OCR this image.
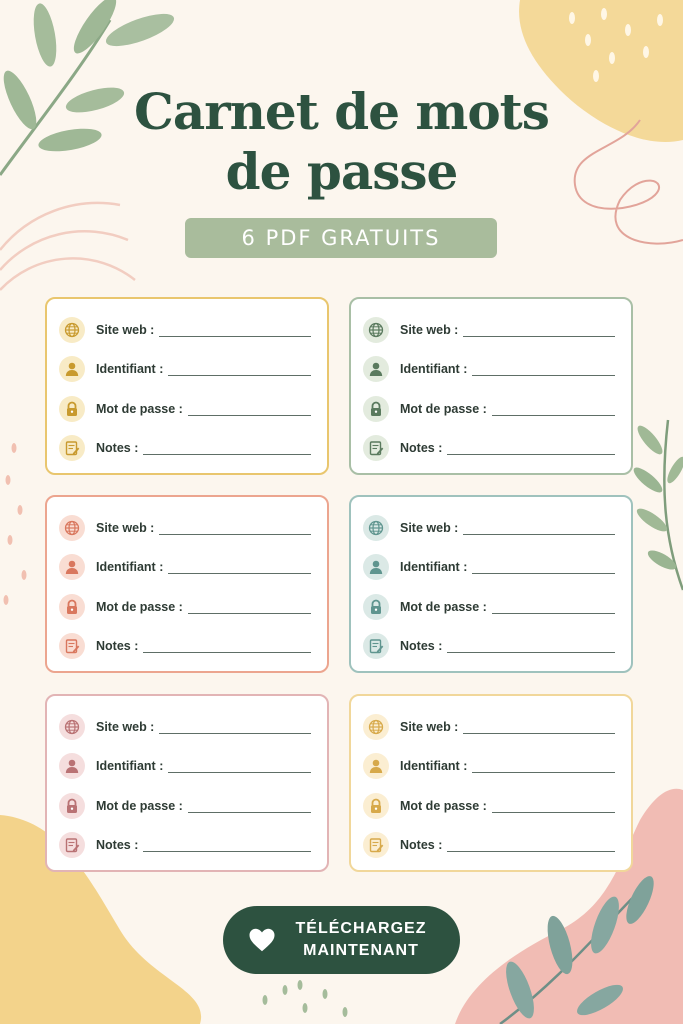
Carnet de mots
de passe
6 PDF GRATUITS
Site web :
Identifiant :
Mot de passe :
Notes :
Site web :
Identifiant :
Mot de passe :
Notes :
Site web :
Identifiant :
Mot de passe :
Notes :
Site web :
Identifiant :
Mot de passe :
Notes :
Site web :
Identifiant :
Mot de passe :
Notes :
Site web :
Identifiant :
Mot de passe :
Notes :
TÉLÉCHARGEZ
MAINTENANT
